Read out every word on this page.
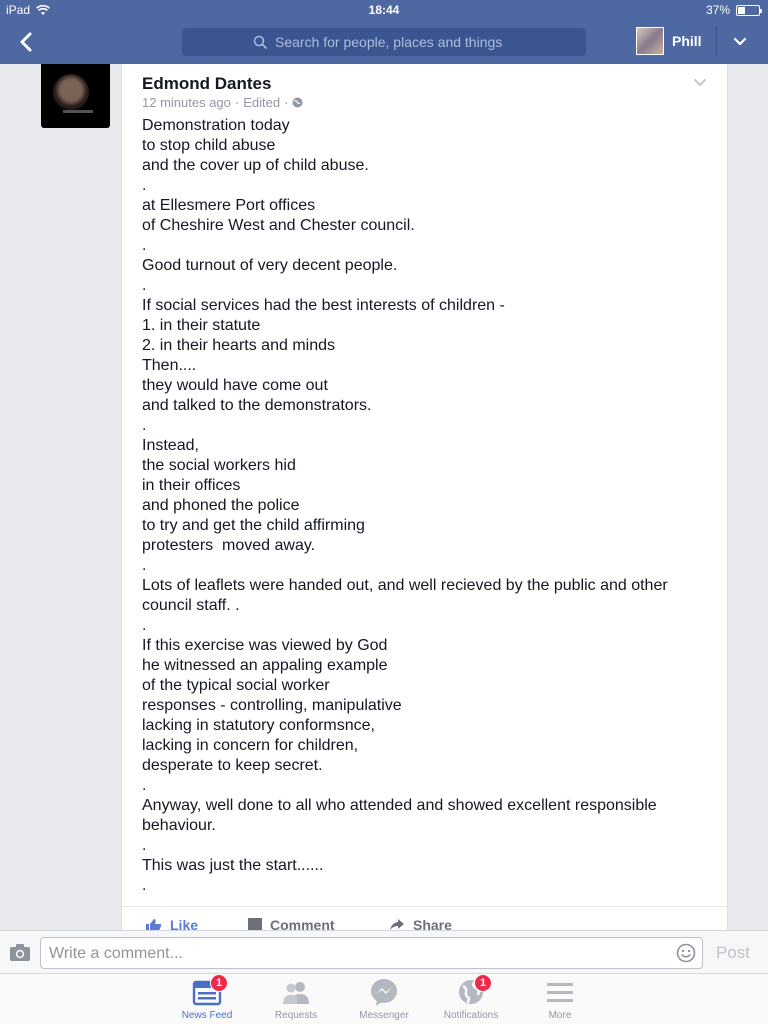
iPad	18:44	37%
Search for people, places and things
Phill
Edmond Dantes
12 minutes ago · Edited ·
Demonstration today
to stop child abuse
and the cover up of child abuse.
.
at Ellesmere Port offices
of Cheshire West and Chester council.
.
Good turnout of very decent people.
.
If social services had the best interests of children -
1. in their statute
2. in their hearts and minds
Then....
they would have come out
and talked to the demonstrators.
.
Instead,
the social workers hid
in their offices
and phoned the police
to try and get the child affirming
protesters  moved away.
.
Lots of leaflets were handed out, and well recieved by the public and other council staff. .
.
If this exercise was viewed by God
he witnessed an appaling example
of the typical social worker
responses - controlling, manipulative
lacking in statutory conformsnce,
lacking in concern for children,
desperate to keep secret.
.
Anyway, well done to all who attended and showed excellent responsible behaviour.
.
This was just the start......
.
Like	Comment	Share
Write a comment...
Post
1
News Feed	Requests	Messenger
1
Notifications	More
